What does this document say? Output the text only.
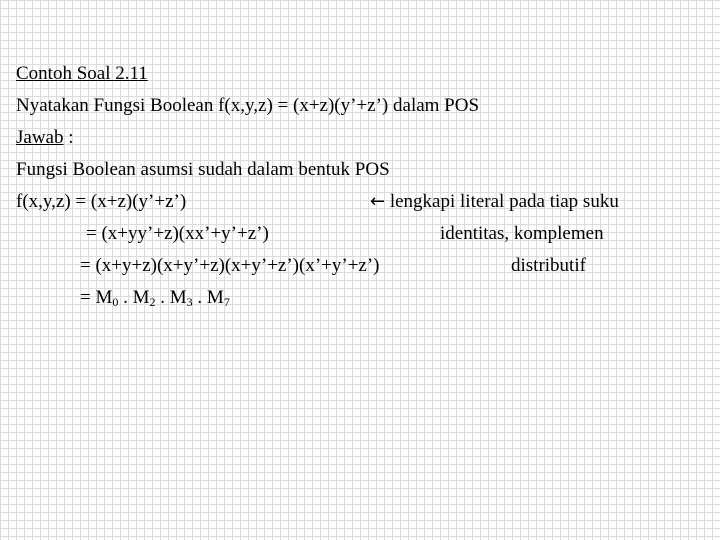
Contoh Soal 2.11
Nyatakan Fungsi Boolean f(x,y,z) = (x+z)(y’+z’) dalam POS
Jawab :
Fungsi Boolean asumsi sudah dalam bentuk POS
f(x,y,z) = (x+z)(y’+z’)	← lengkapi literal pada tiap suku
= (x+yy’+z)(xx’+y’+z’)	identitas, komplemen
= (x+y+z)(x+y’+z)(x+y’+z’)(x’+y’+z’)	distributif
= $M_0$ . $M_2$ . $M_3$ . $M_7$
